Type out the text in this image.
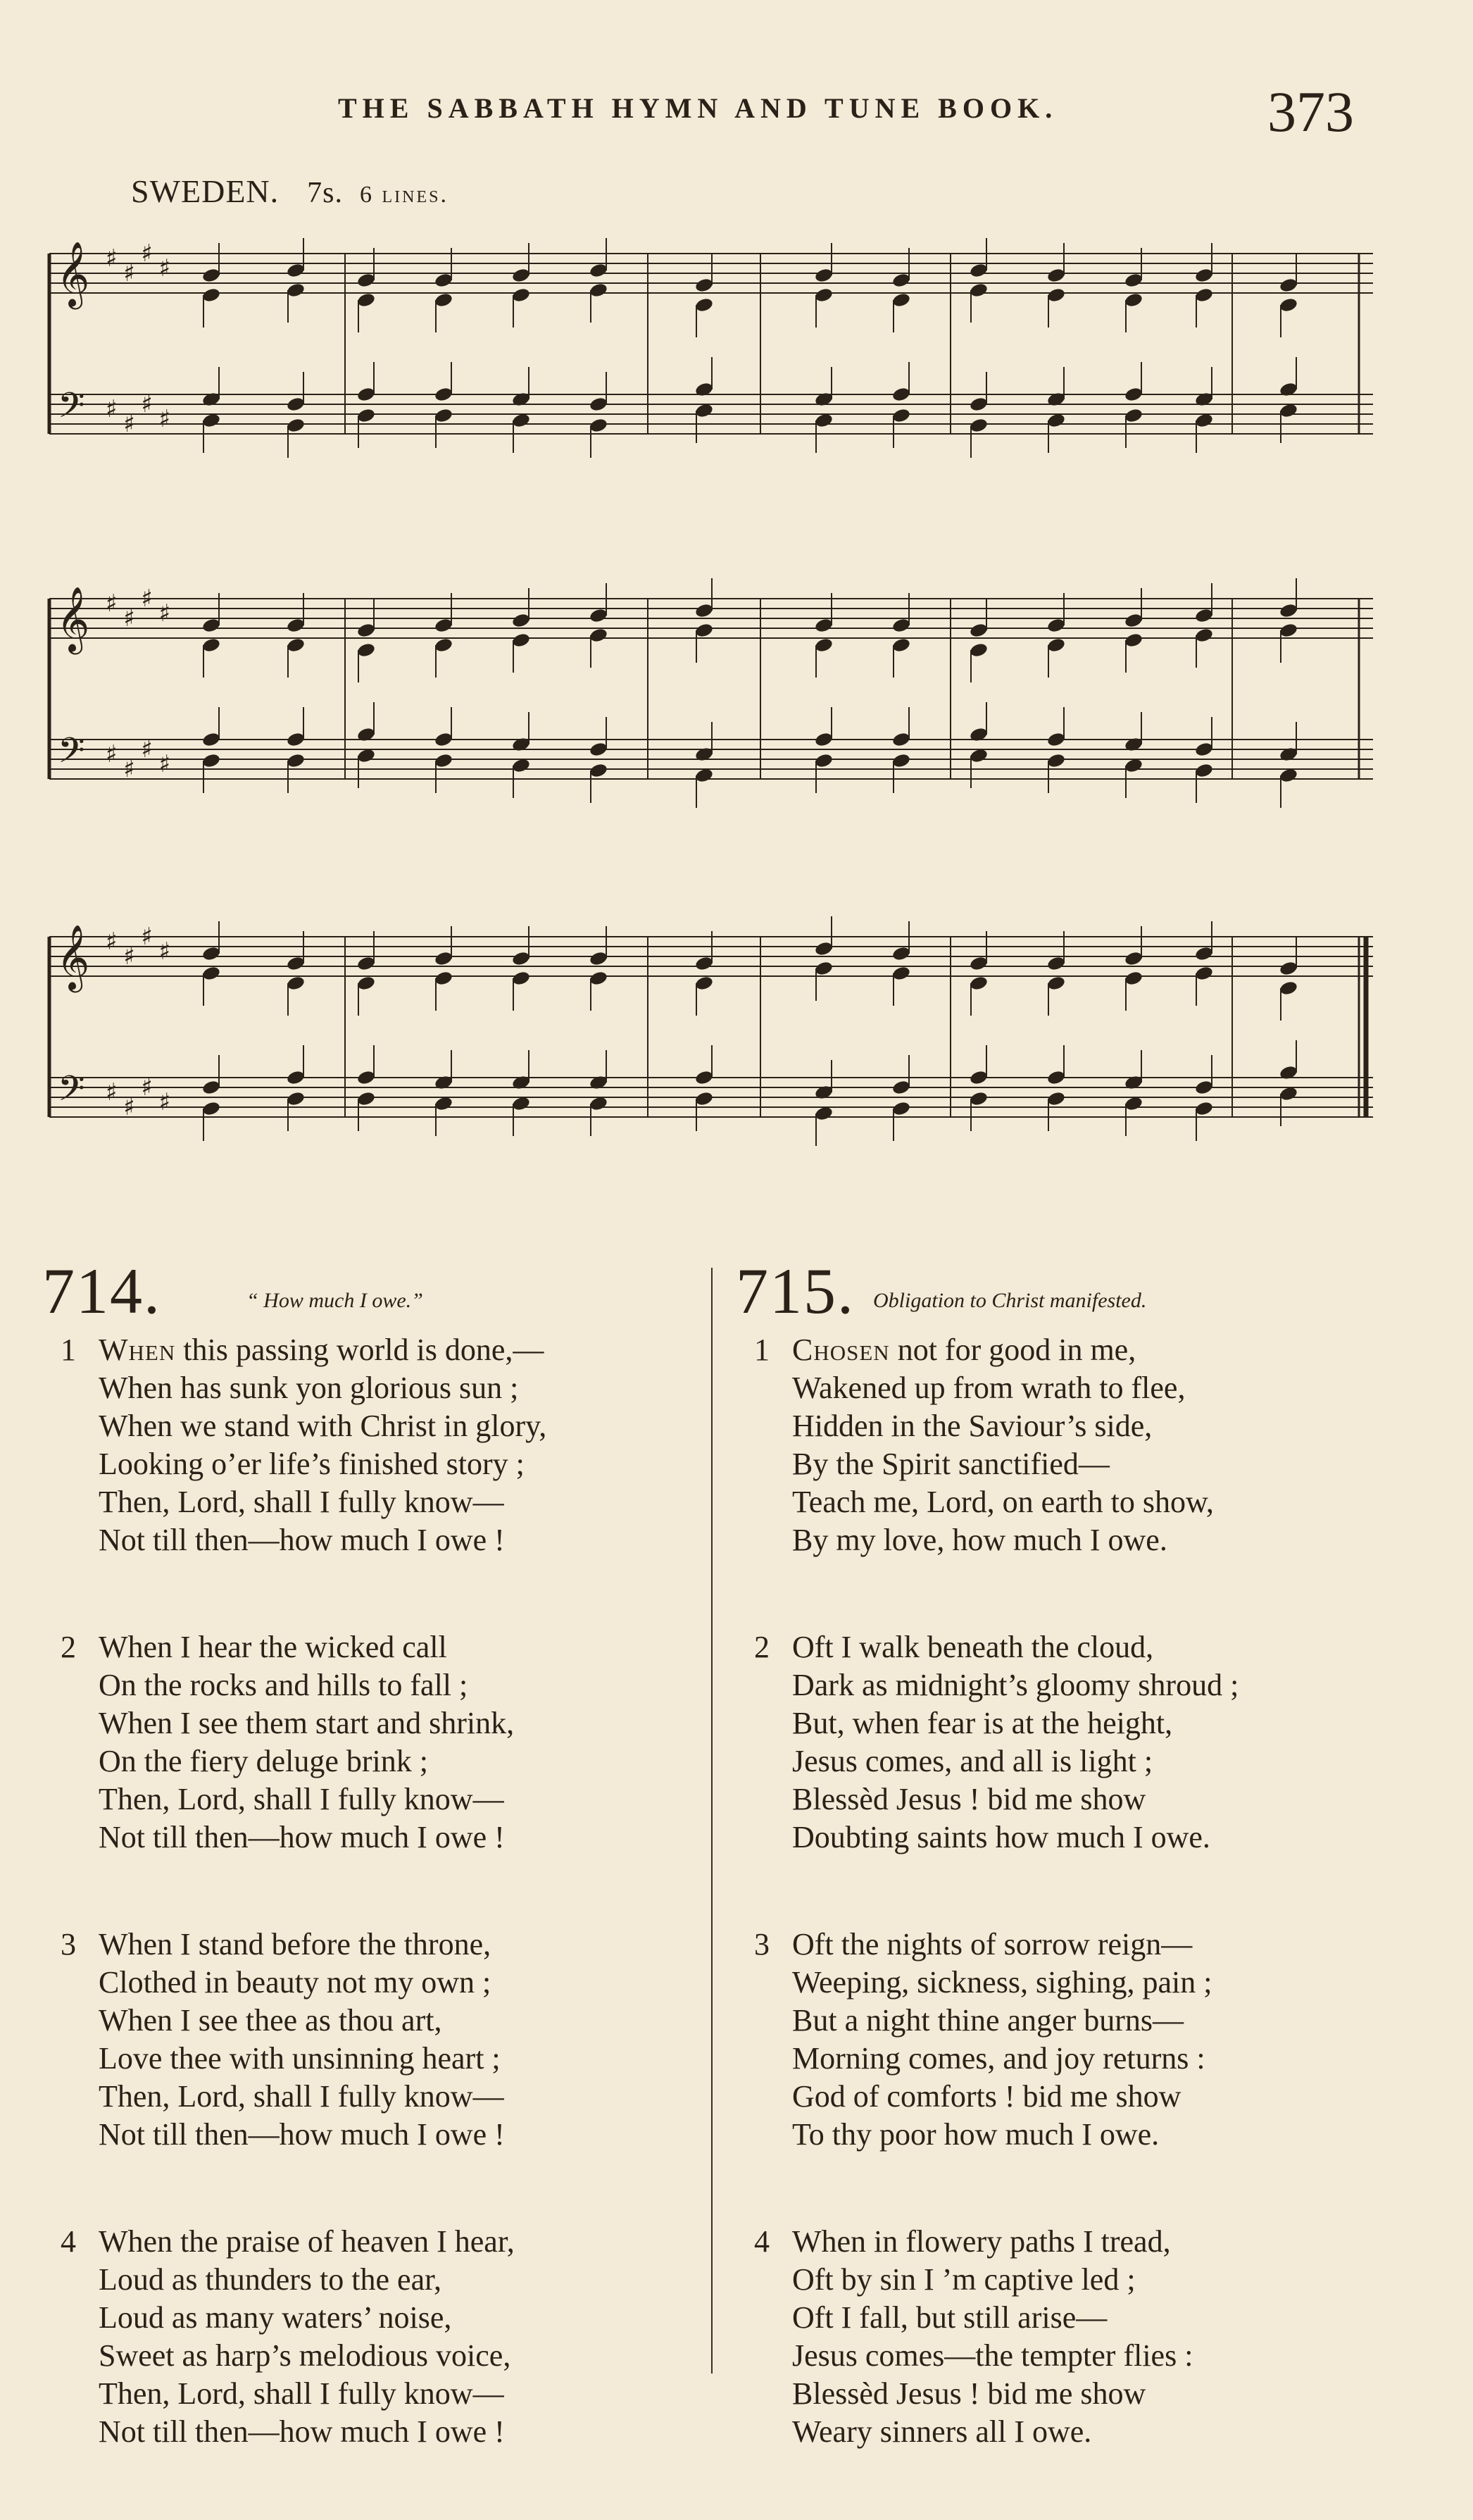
THE SABBATH HYMN AND TUNE BOOK.	373
SWEDEN. 7s. 6 lines.
𝄞
𝄢
♯
♯
♯
♯
♯
♯
♯
♯
𝄞
𝄢
♯
♯
♯
♯
♯
♯
♯
♯
𝄞
𝄢
♯
♯
♯
♯
♯
♯
♯
♯
714.	“ How much I owe.”
1 When this passing world is done,—
When has sunk yon glorious sun ;
When we stand with Christ in glory,
Looking o’er life’s finished story ;
Then, Lord, shall I fully know—
Not till then—how much I owe !
2 When I hear the wicked call
On the rocks and hills to fall ;
When I see them start and shrink,
On the fiery deluge brink ;
Then, Lord, shall I fully know—
Not till then—how much I owe !
3 When I stand before the throne,
Clothed in beauty not my own ;
When I see thee as thou art,
Love thee with unsinning heart ;
Then, Lord, shall I fully know—
Not till then—how much I owe !
4 When the praise of heaven I hear,
Loud as thunders to the ear,
Loud as many waters’ noise,
Sweet as harp’s melodious voice,
Then, Lord, shall I fully know—
Not till then—how much I owe !
715. Obligation to Christ manifested.
1 Chosen not for good in me,
Wakened up from wrath to flee,
Hidden in the Saviour’s side,
By the Spirit sanctified—
Teach me, Lord, on earth to show,
By my love, how much I owe.
2 Oft I walk beneath the cloud,
Dark as midnight’s gloomy shroud ;
But, when fear is at the height,
Jesus comes, and all is light ;
Blessèd Jesus ! bid me show
Doubting saints how much I owe.
3 Oft the nights of sorrow reign—
Weeping, sickness, sighing, pain ;
But a night thine anger burns—
Morning comes, and joy returns :
God of comforts ! bid me show
To thy poor how much I owe.
4 When in flowery paths I tread,
Oft by sin I ’m captive led ;
Oft I fall, but still arise—
Jesus comes—the tempter flies :
Blessèd Jesus ! bid me show
Weary sinners all I owe.
